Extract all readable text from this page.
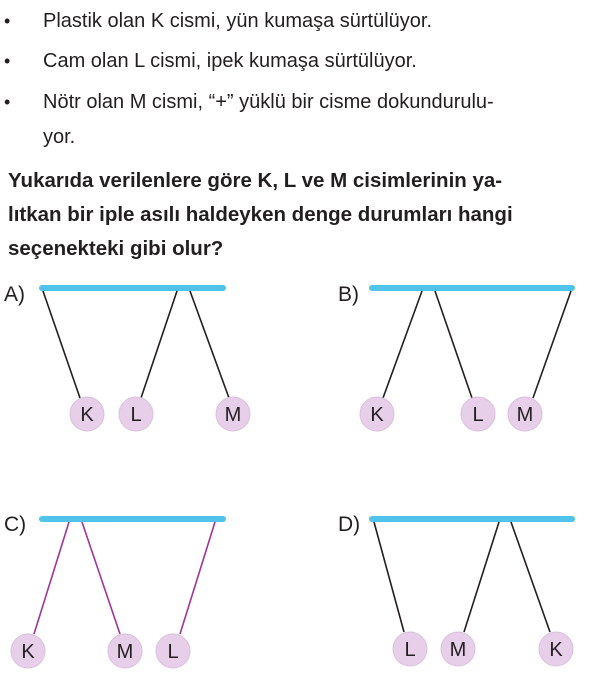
• Plastik olan K cismi, yün kumaşa sürtülüyor.
• Cam olan L cismi, ipek kumaşa sürtülüyor.
• Nötr olan M cismi, “+” yüklü bir cisme dokundurulu-
yor.
Yukarıda verilenlere göre K, L ve M cisimlerinin ya-
lıtkan bir iple asılı haldeyken denge durumları hangi
seçenekteki gibi olur?
A)	B)
C)	D)
K L	M	K	L M
K	M L	L M	K
